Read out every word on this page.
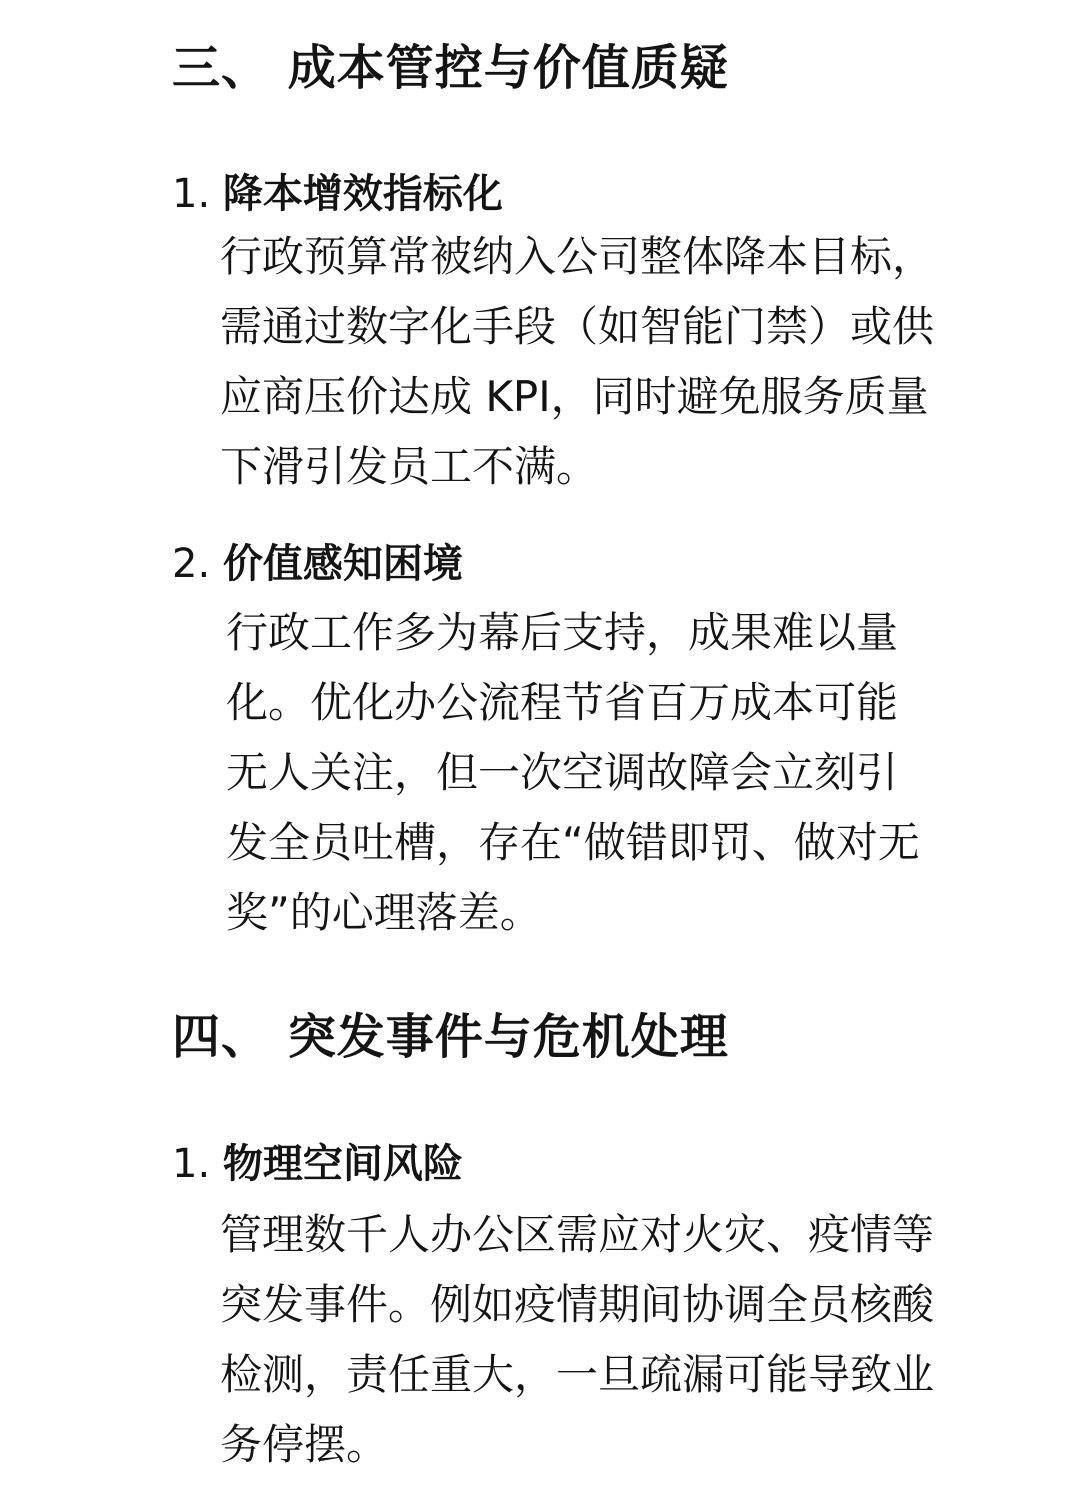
三、 成本管控与价值质疑
1. 降本增效指标化
行政预算常被纳入公司整体降本目标，
需通过数字化手段（如智能门禁）或供
应商压价达成 KPI，同时避免服务质量
下滑引发员工不满。
2. 价值感知困境
行政工作多为幕后支持，成果难以量
化。优化办公流程节省百万成本可能
无人关注，但一次空调故障会立刻引
发全员吐槽，存在“做错即罚、做对无
奖”的心理落差。
四、 突发事件与危机处理
1. 物理空间风险
管理数千人办公区需应对火灾、疫情等
突发事件。例如疫情期间协调全员核酸
检测，责任重大，一旦疏漏可能导致业
务停摆。
